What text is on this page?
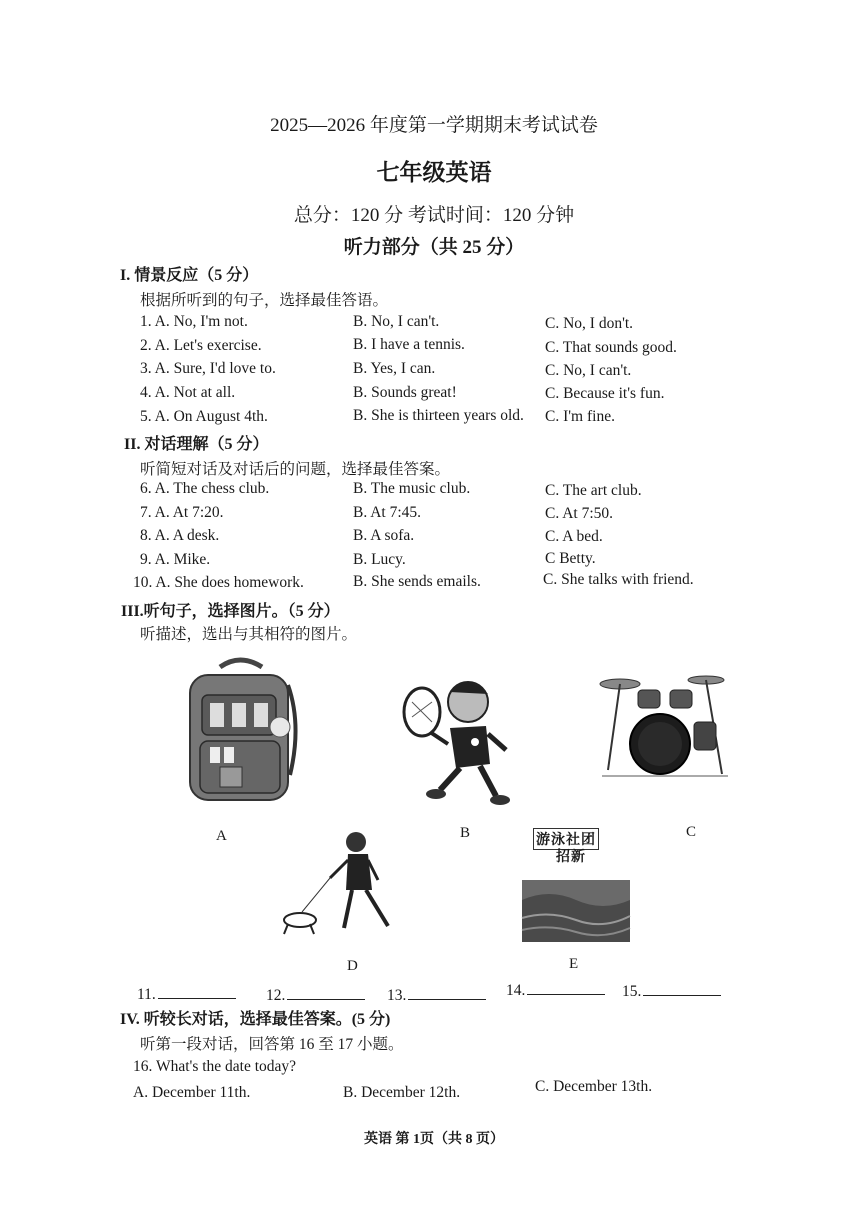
2025—2026 年度第一学期期末考试试卷
七年级英语
总分：120 分 考试时间：120 分钟
听力部分（共 25 分）
I. 情景反应（5 分）
根据所听到的句子，选择最佳答语。
1. A. No, I'm not.	B. No, I can't.	C. No, I don't.
2. A. Let's exercise.	B. I have a tennis.	C. That sounds good.
3. A. Sure, I'd love to.	B. Yes, I can.	C. No, I can't.
4. A. Not at all.	B. Sounds great!	C. Because it's fun.
5. A. On August 4th.	B. She is thirteen years old. C. I'm fine.
II. 对话理解（5 分）
听简短对话及对话后的问题，选择最佳答案。
6. A. The chess club.	B. The music club.	C. The art club.
7. A. At 7:20.	B. At 7:45.	C. At 7:50.
8. A. A desk.	B. A sofa.	C. A bed.
9. A. Mike.	B. Lucy.	C Betty.
10. A. She does homework.	B. She sends emails.	C. She talks with friend.
III.听句子，选择图片。（5 分）
听描述，选出与其相符的图片。
A	B	C
游泳社团
招新
D	E
11.	12.	13.	14.	15.
IV. 听较长对话，选择最佳答案。(5 分)
听第一段对话，回答第 16 至 17 小题。
16. What's the date today?
A. December 11th.	B. December 12th.	C. December 13th.
英语 第 1页（共 8 页）
